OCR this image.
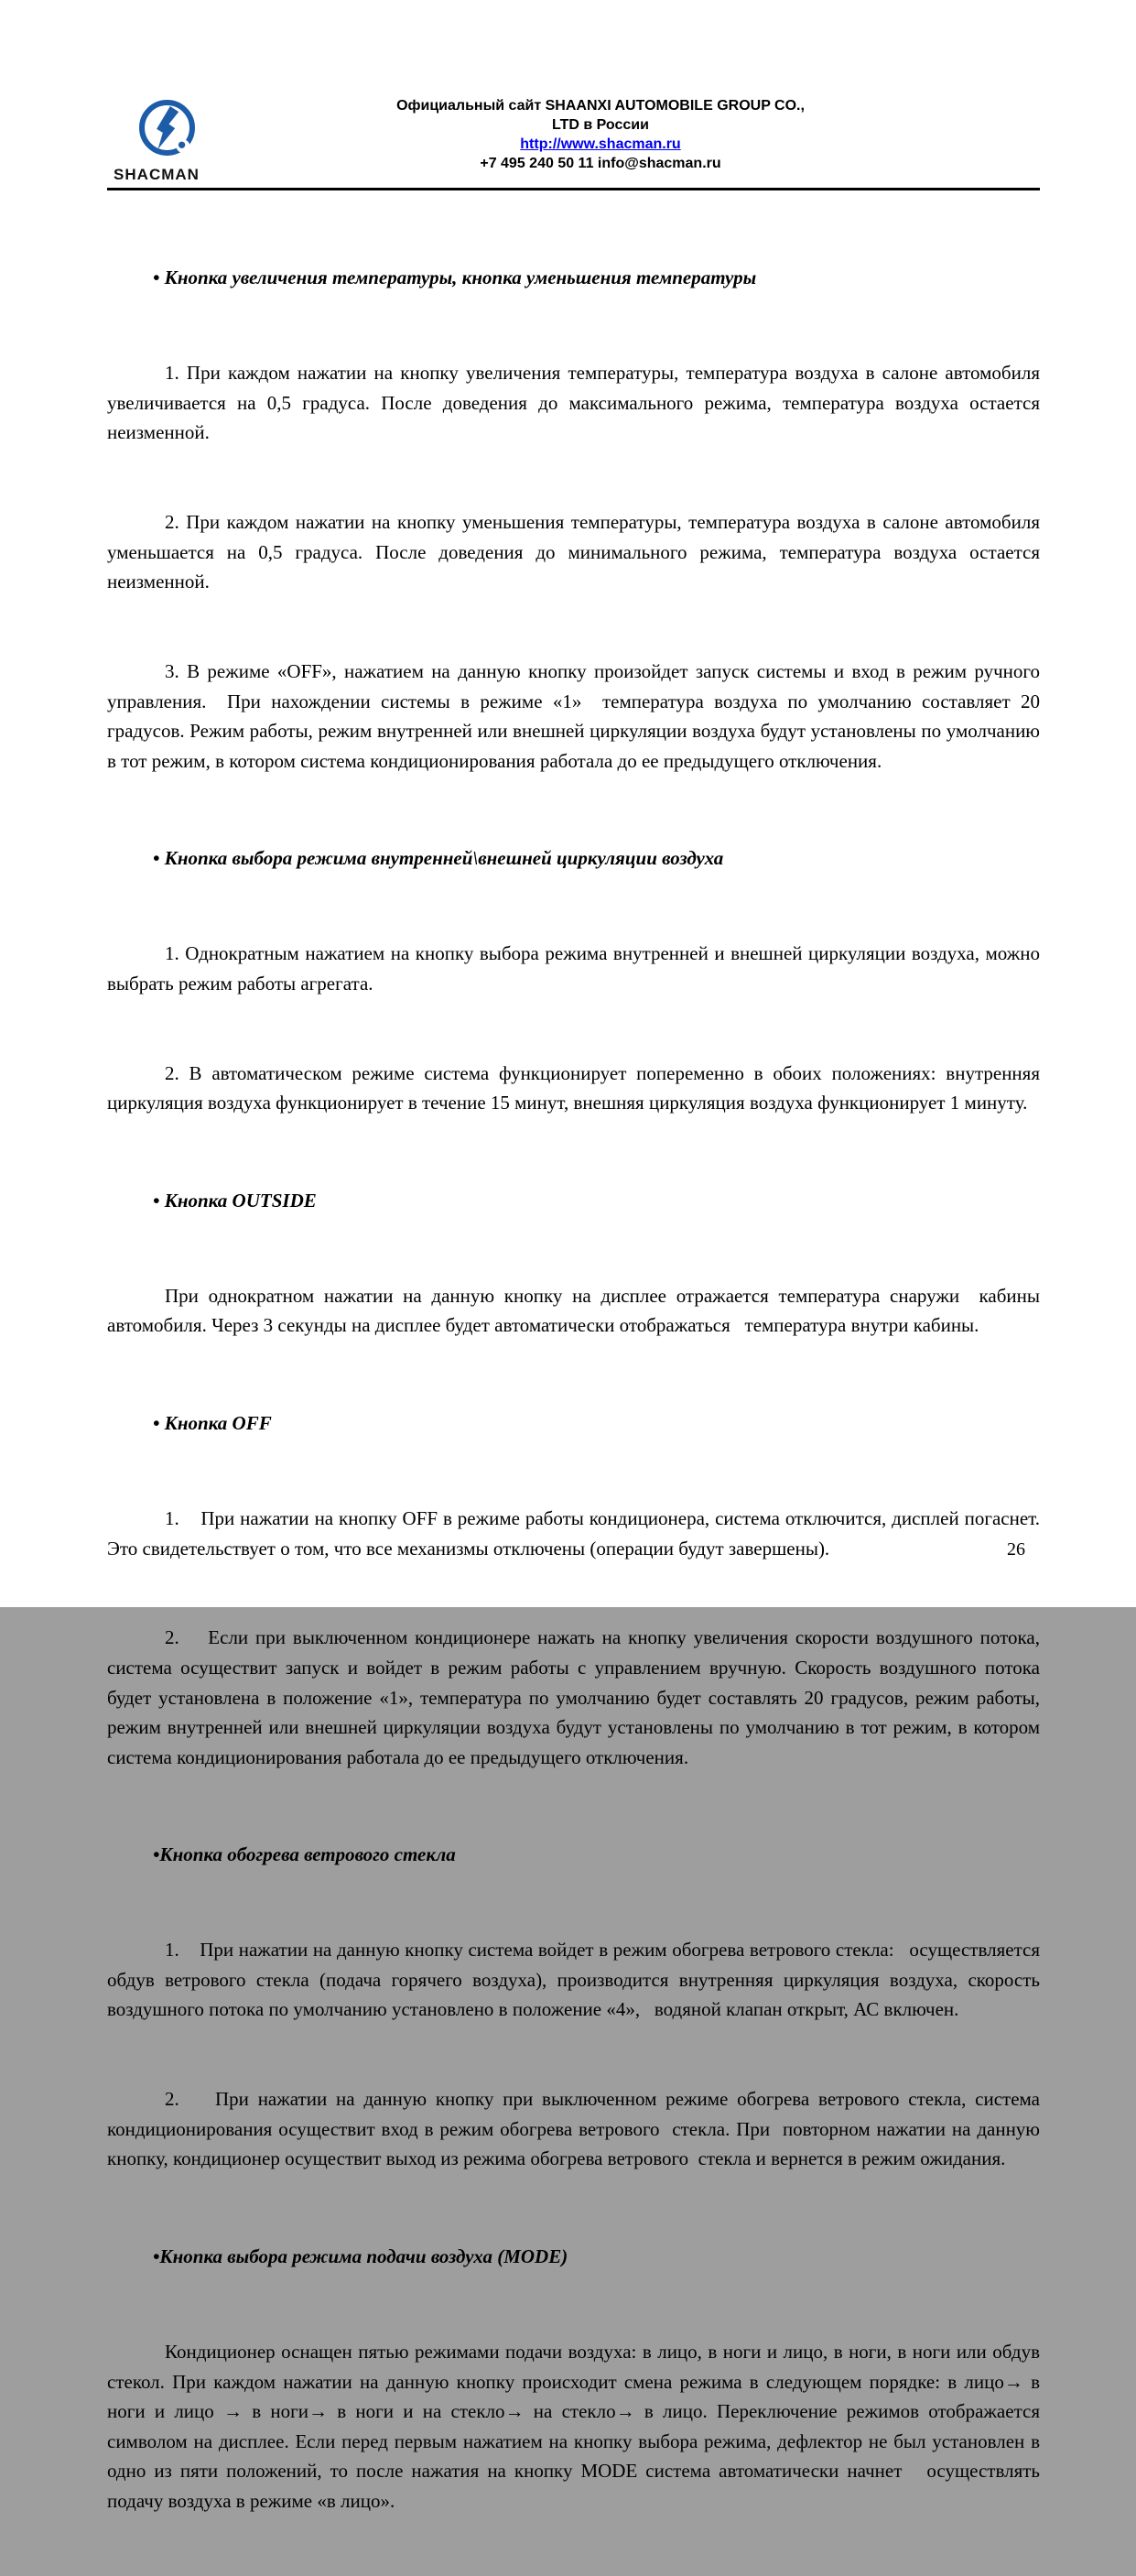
SHACMAN
Официальный сайт SHAANXI AUTOMOBILE GROUP CO.,
LTD в России
http://www.shacman.ru
+7 495 240 50 11 info@shacman.ru

• Кнопка увеличения температуры, кнопка уменьшения температуры

1. При каждом нажатии на кнопку увеличения температуры, температура воздуха в салоне автомобиля увеличивается на 0,5 градуса. После доведения до максимального режима, температура воздуха остается неизменной.

2. При каждом нажатии на кнопку уменьшения температуры, температура воздуха в салоне автомобиля уменьшается на 0,5 градуса. После доведения до минимального режима, температура воздуха остается неизменной.

3. В режиме «OFF», нажатием на данную кнопку произойдет запуск системы и вход в режим ручного управления.  При нахождении системы в режиме «1»  температура воздуха по умолчанию составляет 20 градусов. Режим работы, режим внутренней или внешней циркуляции воздуха будут установлены по умолчанию в тот режим, в котором система кондиционирования работала до ее предыдущего отключения.

• Кнопка выбора режима внутренней\внешней циркуляции воздуха

1. Однократным нажатием на кнопку выбора режима внутренней и внешней циркуляции воздуха, можно выбрать режим работы агрегата.

2. В автоматическом режиме система функционирует попеременно в обоих положениях: внутренняя циркуляция воздуха функционирует в течение 15 минут, внешняя циркуляция воздуха функционирует 1 минуту.

• Кнопка OUTSIDE

При однократном нажатии на данную кнопку на дисплее отражается температура снаружи  кабины автомобиля. Через 3 секунды на дисплее будет автоматически отображаться   температура внутри кабины.

• Кнопка OFF

1.    При нажатии на кнопку OFF в режиме работы кондиционера, система отключится, дисплей погаснет. Это свидетельствует о том, что все механизмы отключены (операции будут завершены).

2.    Если при выключенном кондиционере нажать на кнопку увеличения скорости воздушного потока, система осуществит запуск и войдет в режим работы с управлением вручную. Скорость воздушного потока будет установлена в положение «1», температура по умолчанию будет составлять 20 градусов, режим работы, режим внутренней или внешней циркуляции воздуха будут установлены по умолчанию в тот режим, в котором система кондиционирования работала до ее предыдущего отключения.

•Кнопка обогрева ветрового стекла

1.    При нажатии на данную кнопку система войдет в режим обогрева ветрового стекла:   осуществляется обдув ветрового стекла (подача горячего воздуха), производится внутренняя циркуляция воздуха, скорость воздушного потока по умолчанию установлено в положение «4»,   водяной клапан открыт, АС включен.

2.    При нажатии на данную кнопку при выключенном режиме обогрева ветрового стекла, система кондиционирования осуществит вход в режим обогрева ветрового  стекла. При  повторном нажатии на данную кнопку, кондиционер осуществит выход из режима обогрева ветрового  стекла и вернется в режим ожидания.

•Кнопка выбора режима подачи воздуха (MODE)

Кондиционер оснащен пятью режимами подачи воздуха: в лицо, в ноги и лицо, в ноги, в ноги или обдув стекол. При каждом нажатии на данную кнопку происходит смена режима в следующем порядке: в лицо→ в ноги и лицо → в ноги→ в ноги и на стекло→ на стекло→ в лицо. Переключение режимов отображается символом на дисплее. Если перед первым нажатием на кнопку выбора режима, дефлектор не был установлен в одно из пяти положений, то после нажатия на кнопку MODE система автоматически начнет   осуществлять подачу воздуха в режиме «в лицо».

26
